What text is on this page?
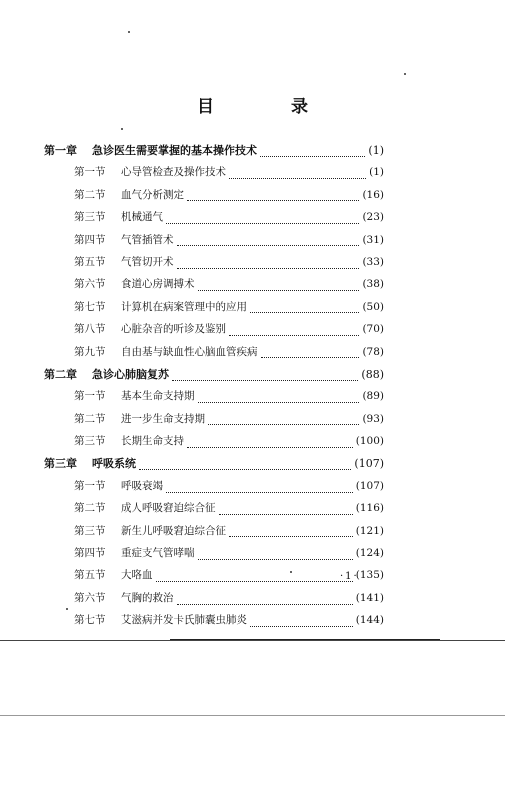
目　录
第一章	急诊医生需要掌握的基本操作技术	(1)
第一节	心导管检查及操作技术	(1)
第二节	血气分析测定	(16)
第三节	机械通气	(23)
第四节	气管插管术	(31)
第五节	气管切开术	(33)
第六节	食道心房调搏术	(38)
第七节	计算机在病案管理中的应用	(50)
第八节	心脏杂音的听诊及鉴别	(70)
第九节	自由基与缺血性心脑血管疾病	(78)
第二章	急诊心肺脑复苏	(88)
第一节	基本生命支持期	(89)
第二节	进一步生命支持期	(93)
第三节	长期生命支持	(100)
第三章	呼吸系统	(107)
第一节	呼吸衰竭	(107)
第二节	成人呼吸窘迫综合征	(116)
第三节	新生儿呼吸窘迫综合征	(121)
第四节	重症支气管哮喘	(124)
第五节	大咯血	(135)
第六节	气胸的救治	(141)
第七节	艾滋病并发卡氏肺囊虫肺炎	(144)
·1·
